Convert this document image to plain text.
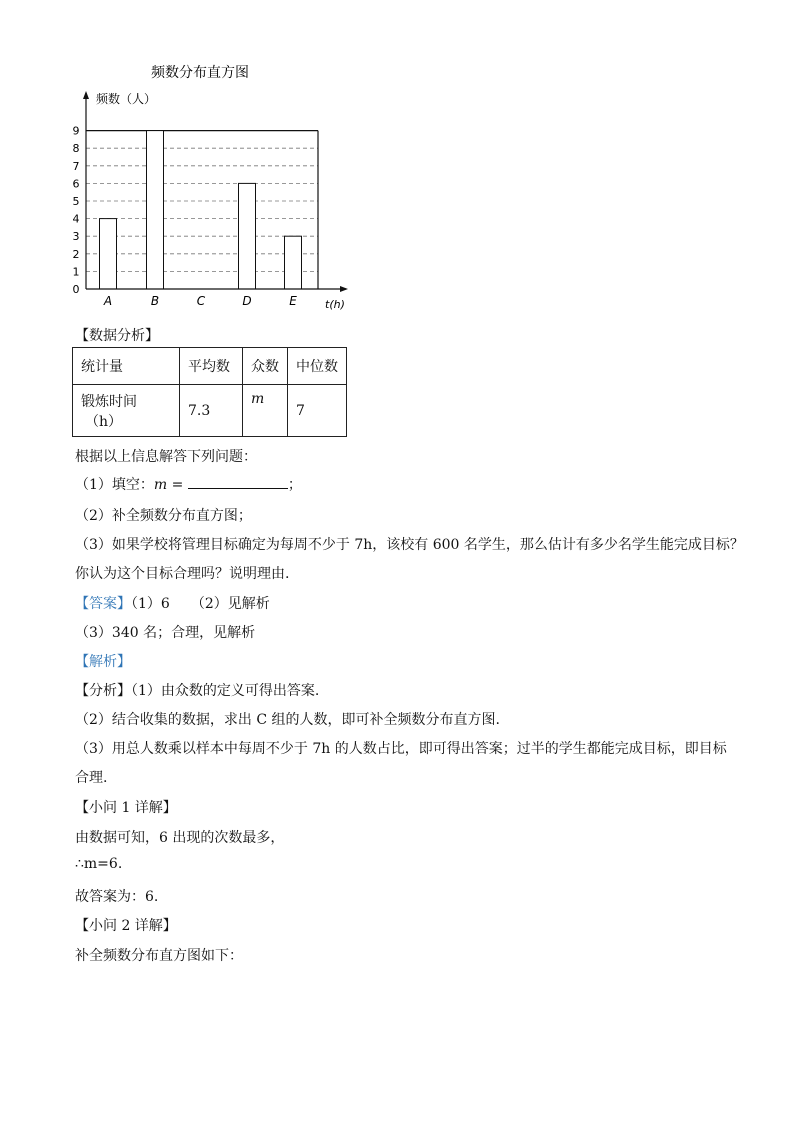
频数分布直方图
频数（人）
t(h)
0
1
2
3
4
5
6
7
8
9
A	B	C	D	E
【数据分析】
统计量	平均数	众数	中位数

锻炼时间
（h）	7.3	m	7
根据以上信息解答下列问题：
（1）填空：m =	；
（2）补全频数分布直方图；
（3）如果学校将管理目标确定为每周不少于 7h，该校有 600 名学生，那么估计有多少名学生能完成目标？
你认为这个目标合理吗？说明理由.
【答案】（1）6　　（2）见解析
（3）340 名；合理，见解析
【解析】
【分析】（1）由众数的定义可得出答案.
（2）结合收集的数据，求出 C 组的人数，即可补全频数分布直方图.
（3）用总人数乘以样本中每周不少于 7h 的人数占比，即可得出答案；过半的学生都能完成目标，即目标
合理.
【小问 1 详解】
由数据可知，6 出现的次数最多，
∴m=6.
故答案为：6.
【小问 2 详解】
补全频数分布直方图如下：
